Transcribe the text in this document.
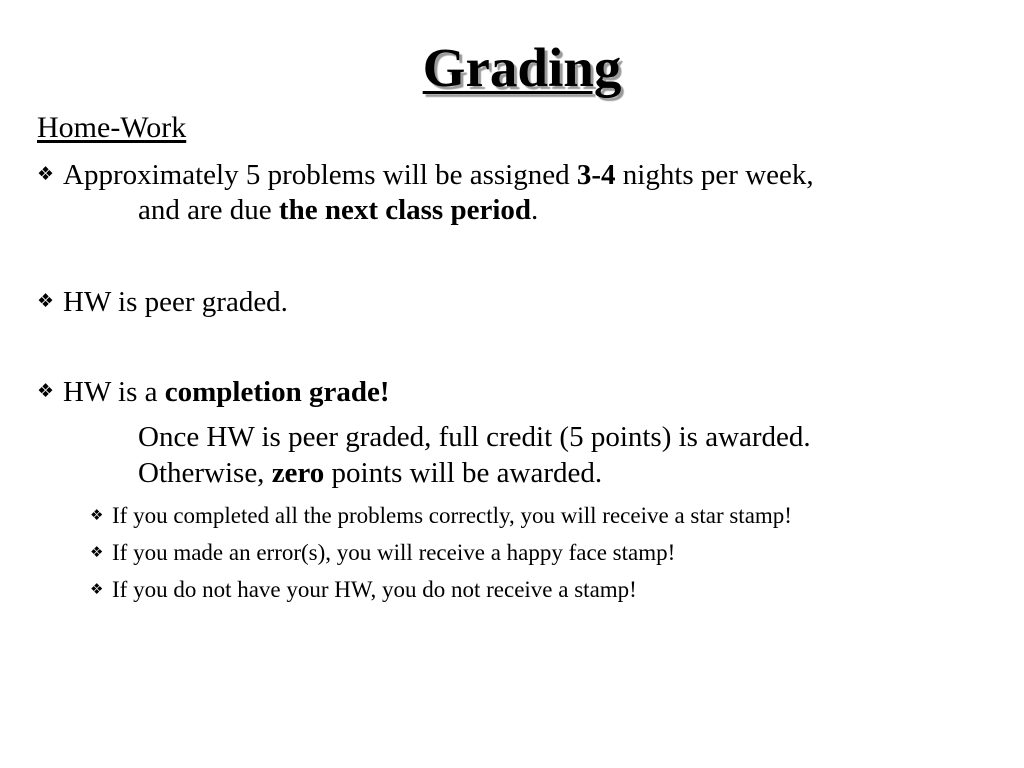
Grading
Home-Work
❖ Approximately 5 problems will be assigned 3-4 nights per week,
and are due the next class period.
❖ HW is peer graded.
❖ HW is a completion grade!
Once HW is peer graded, full credit (5 points) is awarded.
Otherwise, zero points will be awarded.
❖ If you completed all the problems correctly, you will receive a star stamp!
❖ If you made an error(s), you will receive a happy face stamp!
❖ If you do not have your HW, you do not receive a stamp!
